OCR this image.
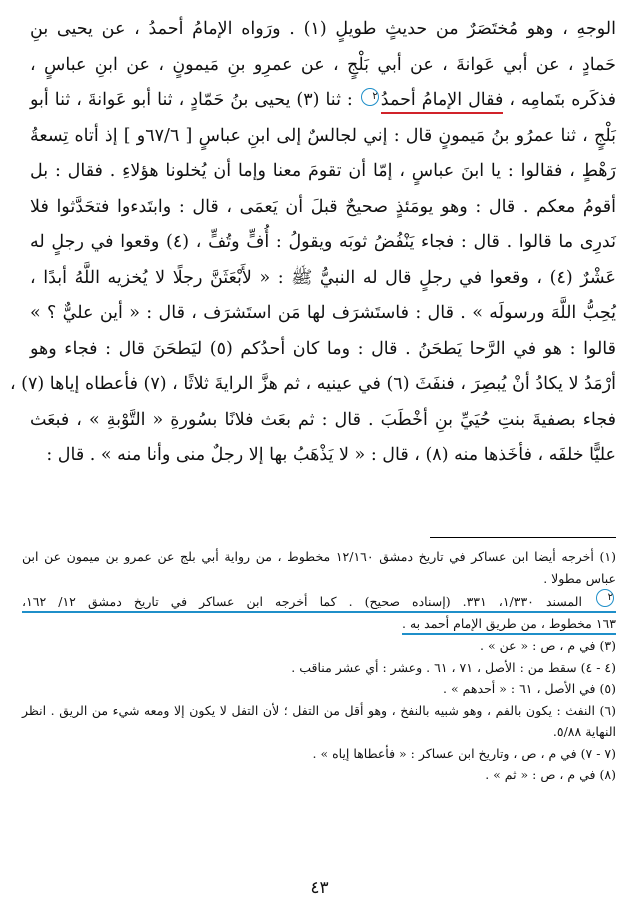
الوجهِ ، وهو مُختَصَرٌ من حديثٍ طويلٍ (١) . ورَواه الإمامُ أحمدُ ، عن يحيى بنِ
حَمادٍ ، عن أبي عَوانةَ ، عن أبي بَلْجٍ ، عن عمرِو بنِ مَيمونٍ ، عن ابنِ عباسٍ ،
فذكَره بتَمامِه ، فقال الإمامُ أحمدُ٢ : ثنا (٣) يحيى بنُ حَمّادٍ ، ثنا أبو عَوانةَ ، ثنا أبو
بَلْجٍ ، ثنا عمرُو بنُ مَيمونٍ قال : إني لجالسٌ إلى ابنِ عباسٍ [ ٦٧/٦و ] إذ أتاه تِسعةُ
رَهْطٍ ، فقالوا : يا ابنَ عباسٍ ، إمّا أن تقومَ معنا وإما أن يُخلونا هؤلاءِ . فقال : بل
أقومُ معكم . قال : وهو يومَئذٍ صحيحٌ قبلَ أن يَعمَى ، قال : وابتَدءوا فتحَدَّثوا فلا
نَدرِى ما قالوا . قال : فجاء يَنْفُضُ ثوبَه ويقولُ : أُفٍّ وتُفٍّ ، (٤) وقعوا في رجلٍ له
عَشْرٌ (٤) ، وقعوا في رجلٍ قال له النبيُّ ﷺ : « لأَبْعَثَنَّ رجلًا لا يُخزيه اللَّهُ أبدًا ،
يُحِبُّ اللَّهَ ورسولَه » . قال : فاستَشرَف لها مَن استَشرَف ، قال : « أين عليٌّ ؟ »
قالوا : هو في الرَّحا يَطحَنُ . قال : وما كان أحدُكم (٥) ليَطحَنَ قال : فجاء وهو
أرْمَدُ لا يكادُ أنْ يُبصِرَ ، فنفَثَ (٦) في عينيه ، ثم هزَّ الرايةَ ثلاثًا ، (٧) فأعطاه إياها (٧) ،
فجاء بصفيةَ بنتِ حُيَيِّ بنِ أخْطَبَ . قال : ثم بعَث فلانًا بسُورةِ « التَّوْبةِ » ، فبعَث
عليًّا خلفَه ، فأخَذها منه (٨) ، قال : « لا يَذْهَبُ بها إلا رجلٌ منى وأنا منه » . قال :
(١) أخرجه أيضا ابن عساكر في تاريخ دمشق ١٢/١٦٠ مخطوط ، من رواية أبي بلج عن عمرو بن ميمون عن ابن عباس مطولا .
٢ المسند ١/٣٣٠، ٣٣١. (إسناده صحيح) . كما أخرجه ابن عساكر في تاريخ دمشق ١٢/ ١٦٢،
١٦٣ مخطوط ، من طريق الإمام أحمد به .
(٣) في م ، ص : « عن » .
(٤ - ٤) سقط من : الأصل ، ٧١ ، ٦١ . وعشر : أي عشر مناقب .
(٥) في الأصل ، ٦١ : « أحدهم » .
(٦) النفث : يكون بالفم ، وهو شبيه بالنفخ ، وهو أقل من التفل ؛ لأن التفل لا يكون إلا ومعه شيء من الريق . انظر النهاية ٥/٨٨.
(٧ - ٧) في م ، ص ، وتاريخ ابن عساكر : « فأعطاها إياه » .
(٨) في م ، ص : « ثم » .
٤٣
